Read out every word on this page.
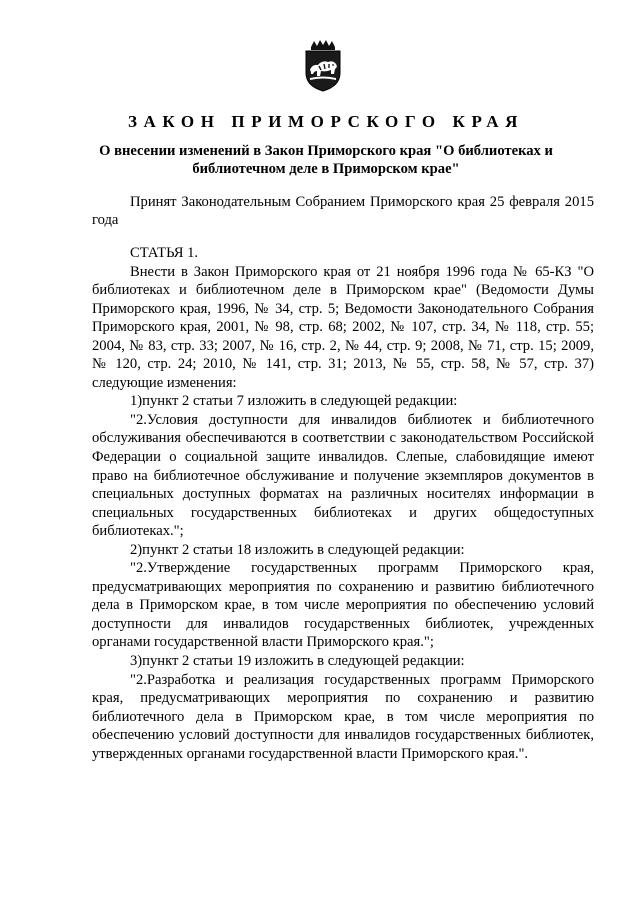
ЗАКОН ПРИМОРСКОГО КРАЯ
О внесении изменений в Закон Приморского края "О библиотеках и библиотечном деле в Приморском крае"

Принят Законодательным Собранием Приморского края 25 февраля 2015 года

СТАТЬЯ 1.

Внести в Закон Приморского края от 21 ноября 1996 года № 65-КЗ "О библиотеках и библиотечном деле в Приморском крае" (Ведомости Думы Приморского края, 1996, № 34, стр. 5; Ведомости Законодательного Собрания Приморского края, 2001, № 98, стр. 68; 2002, № 107, стр. 34, № 118, стр. 55; 2004, № 83, стр. 33; 2007, № 16, стр. 2, № 44, стр. 9; 2008, № 71, стр. 15; 2009, № 120, стр. 24; 2010, № 141, стр. 31; 2013, № 55, стр. 58, № 57, стр. 37) следующие изменения:

1)пункт 2 статьи 7 изложить в следующей редакции:

"2.Условия доступности для инвалидов библиотек и библиотечного обслуживания обеспечиваются в соответствии с законодательством Российской Федерации о социальной защите инвалидов. Слепые, слабовидящие имеют право на библиотечное обслуживание и получение экземпляров документов в специальных доступных форматах на различных носителях информации в специальных государственных библиотеках и других общедоступных библиотеках.";

2)пункт 2 статьи 18 изложить в следующей редакции:

"2.Утверждение государственных программ Приморского края, предусматривающих мероприятия по сохранению и развитию библиотечного дела в Приморском крае, в том числе мероприятия по обеспечению условий доступности для инвалидов государственных библиотек, учрежденных органами государственной власти Приморского края.";

3)пункт 2 статьи 19 изложить в следующей редакции:

"2.Разработка и реализация государственных программ Приморского края, предусматривающих мероприятия по сохранению и развитию библиотечного дела в Приморском крае, в том числе мероприятия по обеспечению условий доступности для инвалидов государственных библиотек, утвержденных органами государственной власти Приморского края.".
